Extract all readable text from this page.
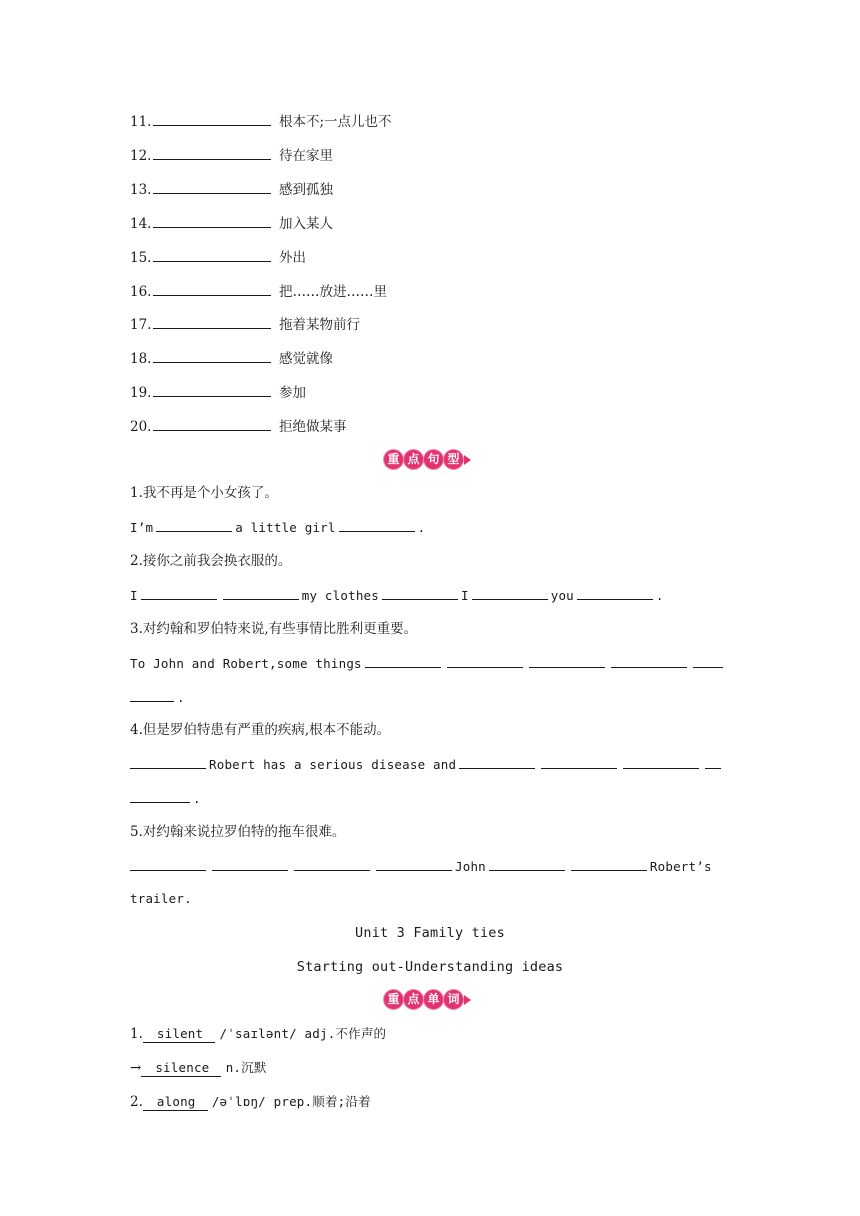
11.	根本不;一点儿也不
12.	待在家里
13.	感到孤独
14.	加入某人
15.	外出
16.	把……放进……里
17.	拖着某物前行
18.	感觉就像
19.	参加
20.	拒绝做某事
重 点 句 型
1.我不再是个小女孩了。
I’m	a little girl	.
2.接你之前我会换衣服的。
I	my clothes	I	you	.
3.对约翰和罗伯特来说,有些事情比胜利更重要。
To John and Robert,some things
.
4.但是罗伯特患有严重的疾病,根本不能动。
Robert has a serious disease and
.
5.对约翰来说拉罗伯特的拖车很难。
John	Robert’s
trailer.
Unit 3 Family ties
Starting out-Understanding ideas
重 点 单 词
1. silent /ˈsaɪlənt/ adj.不作声的
→ silence n.沉默
2. along /əˈlɒŋ/ prep.顺着;沿着
